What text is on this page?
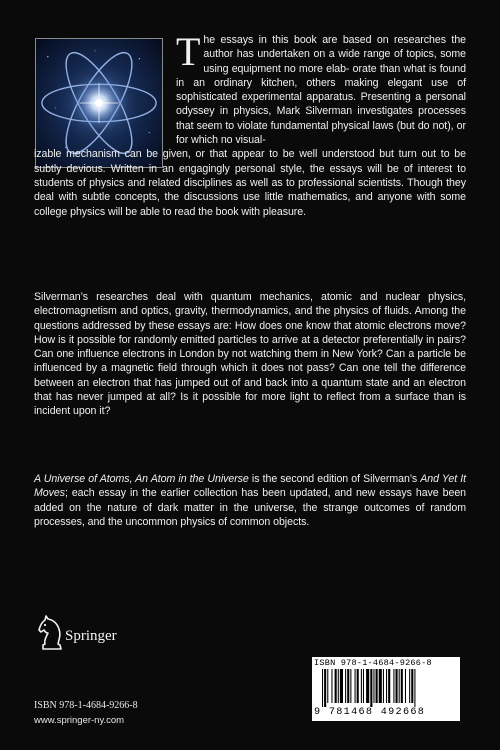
The essays in this book are based on researches the author has undertaken on a wide range of topics, some using equipment no more elab- orate than what is found in an ordinary kitchen, others making elegant use of sophisticated experimental apparatus. Presenting a personal odyssey in physics, Mark Silverman investigates processes that seem to violate fundamental physical laws (but do not), or for which no visual-
izable mechanism can be given, or that appear to be well understood but turn out to be subtly devious. Written in an engagingly personal style, the essays will be of interest to students of physics and related disciplines as well as to professional scientists. Though they deal with subtle concepts, the discussions use little mathematics, and anyone with some college physics will be able to read the book with pleasure.

Silverman’s researches deal with quantum mechanics, atomic and nuclear physics, electromagnetism and optics, gravity, thermodynamics, and the physics of fluids. Among the questions addressed by these essays are: How does one know that atomic electrons move? How is it possible for randomly emitted particles to arrive at a detector preferentially in pairs? Can one influence electrons in London by not watching them in New York? Can a particle be influenced by a magnetic field through which it does not pass? Can one tell the difference between an electron that has jumped out of and back into a quantum state and an electron that has never jumped at all? Is it possible for more light to reflect from a surface than is incident upon it?

A Universe of Atoms, An Atom in the Universe is the second edition of Silverman’s And Yet It Moves; each essay in the earlier collection has been updated, and new essays have been added on the nature of dark matter in the universe, the strange outcomes of random processes, and the uncommon physics of common objects.

Springer
ISBN 978-1-4684-9266-8
www.springer-ny.com
ISBN 978-1-4684-9266-8
9 781468 492668
